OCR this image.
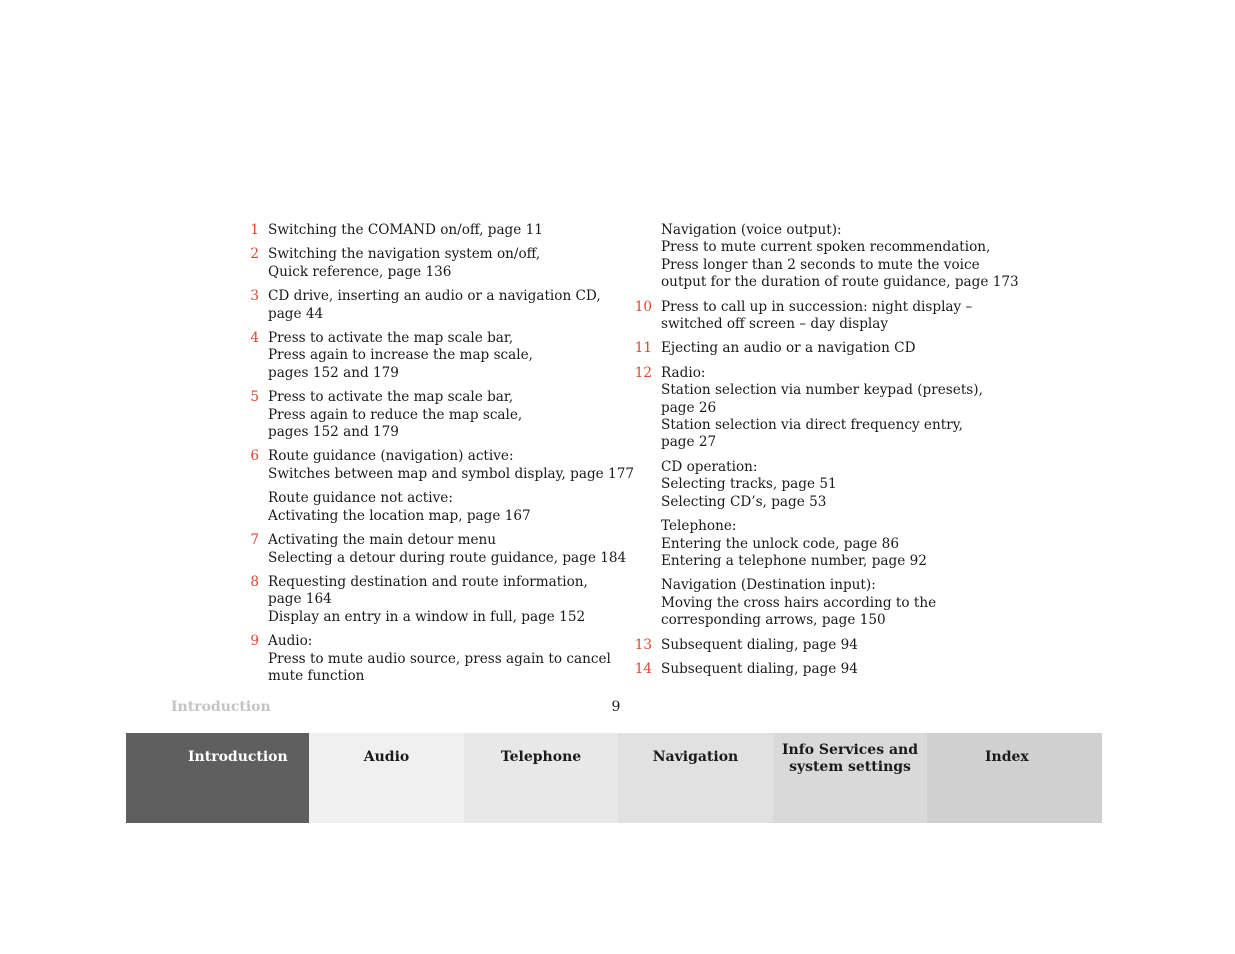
1 Switching the COMAND on/off, page 11
2 Switching the navigation system on/off,
Quick reference, page 136
3 CD drive, inserting an audio or a navigation CD,
page 44
4 Press to activate the map scale bar,
Press again to increase the map scale,
pages 152 and 179
5 Press to activate the map scale bar,
Press again to reduce the map scale,
pages 152 and 179
6 Route guidance (navigation) active:
Switches between map and symbol display, page 177
Route guidance not active:
Activating the location map, page 167
7 Activating the main detour menu
Selecting a detour during route guidance, page 184
8 Requesting destination and route information,
page 164
Display an entry in a window in full, page 152
9 Audio:
Press to mute audio source, press again to cancel
mute function
Navigation (voice output):
Press to mute current spoken recommendation,
Press longer than 2 seconds to mute the voice
output for the duration of route guidance, page 173
10 Press to call up in succession: night display –
switched off screen – day display
11 Ejecting an audio or a navigation CD
12 Radio:
Station selection via number keypad (presets),
page 26
Station selection via direct frequency entry,
page 27
CD operation:
Selecting tracks, page 51
Selecting CD’s, page 53
Telephone:
Entering the unlock code, page 86
Entering a telephone number, page 92
Navigation (Destination input):
Moving the cross hairs according to the
corresponding arrows, page 150
13 Subsequent dialing, page 94
14 Subsequent dialing, page 94
Introduction	9
Introduction	Audio	Telephone	Navigation	Info Services and
system settings
Index
